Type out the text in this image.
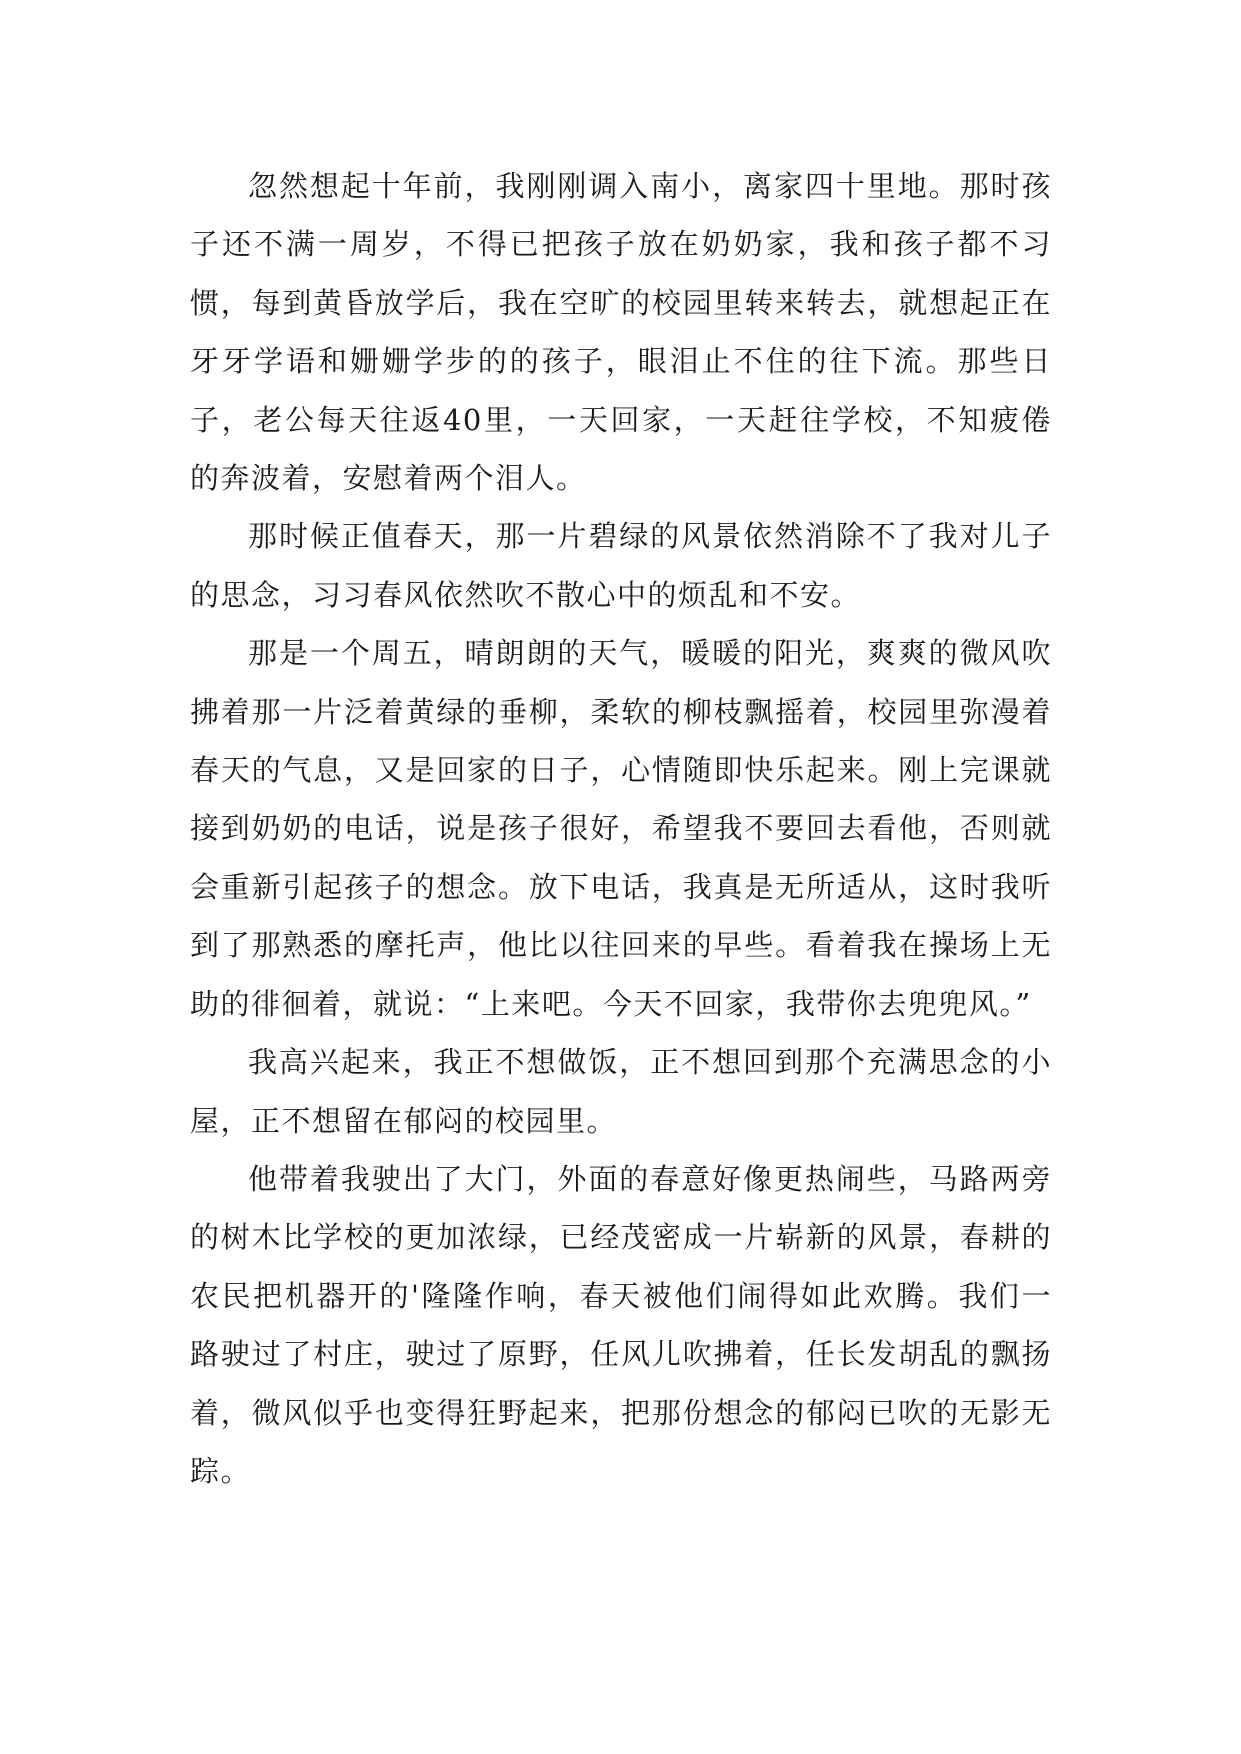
忽然想起十年前，我刚刚调入南小，离家四十里地。那时孩子还不满一周岁，不得已把孩子放在奶奶家，我和孩子都不习惯，每到黄昏放学后，我在空旷的校园里转来转去，就想起正在牙牙学语和姗姗学步的的孩子，眼泪止不住的往下流。那些日子，老公每天往返40里，一天回家，一天赶往学校，不知疲倦的奔波着，安慰着两个泪人。

那时候正值春天，那一片碧绿的风景依然消除不了我对儿子的思念，习习春风依然吹不散心中的烦乱和不安。

那是一个周五，晴朗朗的天气，暖暖的阳光，爽爽的微风吹拂着那一片泛着黄绿的垂柳，柔软的柳枝飘摇着，校园里弥漫着春天的气息，又是回家的日子，心情随即快乐起来。刚上完课就接到奶奶的电话，说是孩子很好，希望我不要回去看他，否则就会重新引起孩子的想念。放下电话，我真是无所适从，这时我听到了那熟悉的摩托声，他比以往回来的早些。看着我在操场上无助的徘徊着，就说：“上来吧。今天不回家，我带你去兜兜风。”

我高兴起来，我正不想做饭，正不想回到那个充满思念的小屋，正不想留在郁闷的校园里。

他带着我驶出了大门，外面的春意好像更热闹些，马路两旁的树木比学校的更加浓绿，已经茂密成一片崭新的风景，春耕的农民把机器开的'隆隆作响，春天被他们闹得如此欢腾。我们一路驶过了村庄，驶过了原野，任风儿吹拂着，任长发胡乱的飘扬着，微风似乎也变得狂野起来，把那份想念的郁闷已吹的无影无踪。
